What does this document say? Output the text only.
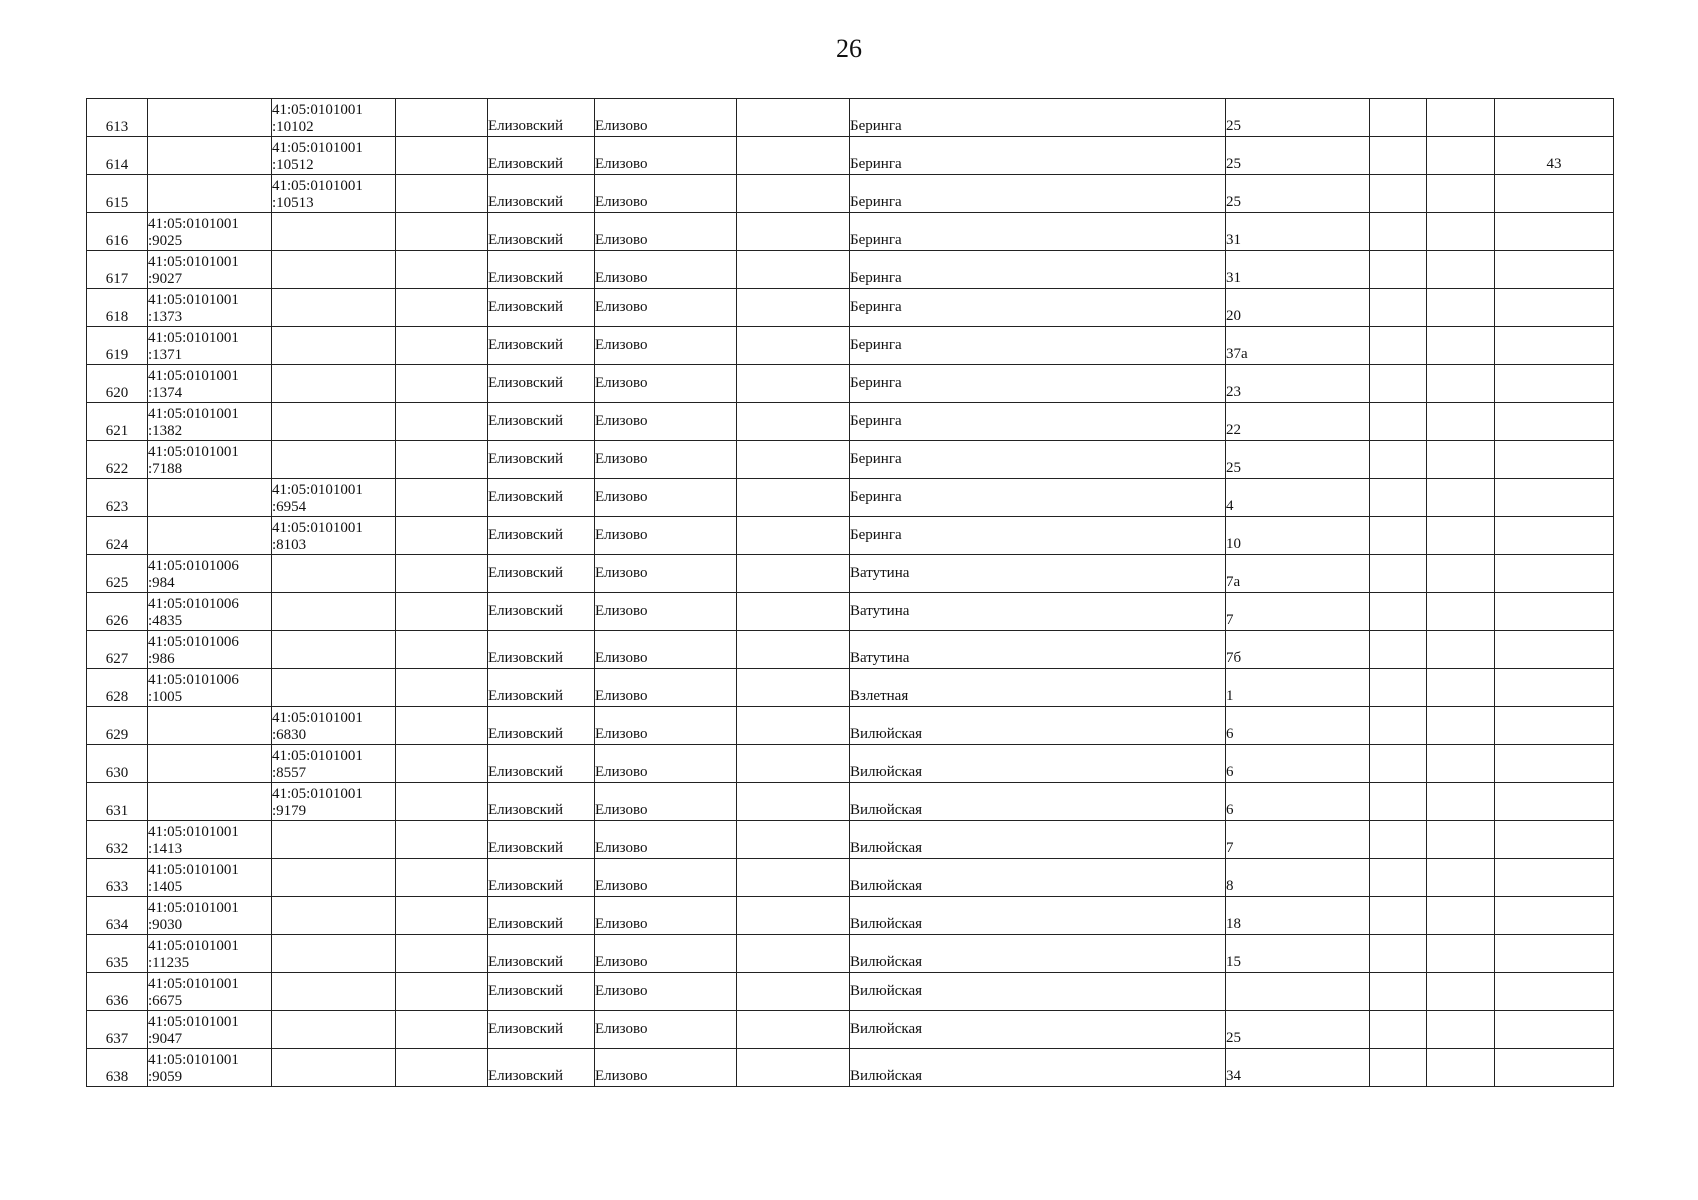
26
613		41:05:0101001
:10102		Елизовский	Елизово		Беринга	25			

614		41:05:0101001
:10512		Елизовский	Елизово		Беринга	25			43

615		41:05:0101001
:10513		Елизовский	Елизово		Беринга	25			

616	41:05:0101001
:9025			Елизовский	Елизово		Беринга	31			

617	41:05:0101001
:9027			Елизовский	Елизово		Беринга	31			

618	41:05:0101001
:1373			Елизовский	Елизово		Беринга	20			

619	41:05:0101001
:1371			Елизовский	Елизово		Беринга	37а			

620	41:05:0101001
:1374			Елизовский	Елизово		Беринга	23			

621	41:05:0101001
:1382			Елизовский	Елизово		Беринга	22			

622	41:05:0101001
:7188			Елизовский	Елизово		Беринга	25			

623		41:05:0101001
:6954		Елизовский	Елизово		Беринга	4			

624		41:05:0101001
:8103		Елизовский	Елизово		Беринга	10			

625	41:05:0101006
:984			Елизовский	Елизово		Ватутина	7а			

626	41:05:0101006
:4835			Елизовский	Елизово		Ватутина	7			

627	41:05:0101006
:986			Елизовский	Елизово		Ватутина	7б			

628	41:05:0101006
:1005			Елизовский	Елизово		Взлетная	1			

629		41:05:0101001
:6830		Елизовский	Елизово		Вилюйская	6			

630		41:05:0101001
:8557		Елизовский	Елизово		Вилюйская	6			

631		41:05:0101001
:9179		Елизовский	Елизово		Вилюйская	6			

632	41:05:0101001
:1413			Елизовский	Елизово		Вилюйская	7			

633	41:05:0101001
:1405			Елизовский	Елизово		Вилюйская	8			

634	41:05:0101001
:9030			Елизовский	Елизово		Вилюйская	18			

635	41:05:0101001
:11235			Елизовский	Елизово		Вилюйская	15			

636	41:05:0101001
:6675			Елизовский	Елизово		Вилюйская				

637	41:05:0101001
:9047			Елизовский	Елизово		Вилюйская	25			

638	41:05:0101001
:9059			Елизовский	Елизово		Вилюйская	34			
